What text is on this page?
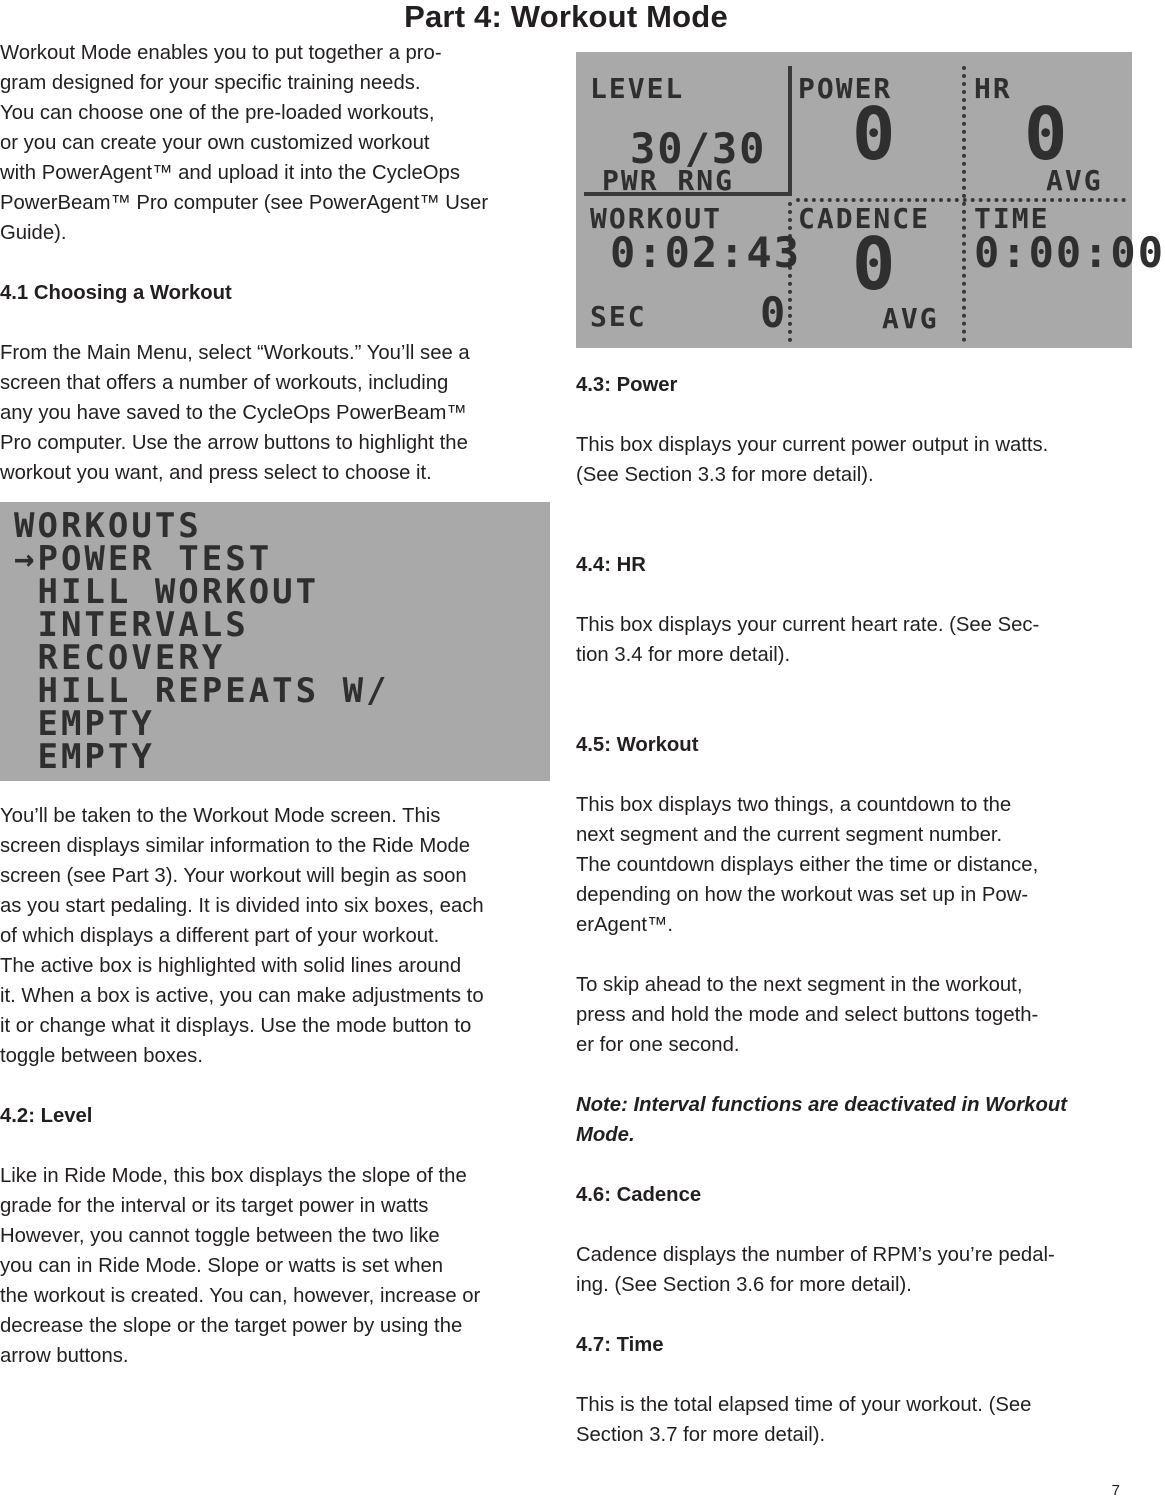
Part 4: Workout Mode

Workout Mode enables you to put together a pro-

gram designed for your specific training needs.

You can choose one of the pre-loaded workouts,

or you can create your own customized workout

with PowerAgent™ and upload it into the CycleOps

PowerBeam™ Pro computer (see PowerAgent™ User

Guide).

4.1 Choosing a Workout

From the Main Menu, select “Workouts.” You’ll see a

screen that offers a number of workouts, including

any you have saved to the CycleOps PowerBeam™

Pro computer. Use the arrow buttons to highlight the

workout you want, and press select to choose it.

WORKOUTS
→POWER TEST
HILL WORKOUT
INTERVALS
RECOVERY
HILL REPEATS W/
EMPTY
EMPTY

You’ll be taken to the Workout Mode screen. This

screen displays similar information to the Ride Mode

screen (see Part 3). Your workout will begin as soon

as you start pedaling. It is divided into six boxes, each

of which displays a different part of your workout.

The active box is highlighted with solid lines around

it. When a box is active, you can make adjustments to

it or change what it displays. Use the mode button to

toggle between boxes.

4.2: Level

Like in Ride Mode, this box displays the slope of the

grade for the interval or its target power in watts

However, you cannot toggle between the two like

you can in Ride Mode. Slope or watts is set when

the workout is created. You can, however, increase or

decrease the slope or the target power by using the

arrow buttons.

LEVEL
30/30
PWR RNG
POWER
0
HR
0
AVG
WORKOUT
0:02:43
SEC	0
CADENCE
0
AVG
TIME
0:00:00

4.3: Power

This box displays your current power output in watts.

(See Section 3.3 for more detail).

4.4: HR

This box displays your current heart rate. (See Sec-

tion 3.4 for more detail).

4.5: Workout

This box displays two things, a countdown to the

next segment and the current segment number.

The countdown displays either the time or distance,

depending on how the workout was set up in Pow-

erAgent™.

To skip ahead to the next segment in the workout,

press and hold the mode and select buttons togeth-

er for one second.

Note: Interval functions are deactivated in Workout

Mode.

4.6: Cadence

Cadence displays the number of RPM’s you’re pedal-

ing. (See Section 3.6 for more detail).

4.7: Time

This is the total elapsed time of your workout. (See

Section 3.7 for more detail).

7
